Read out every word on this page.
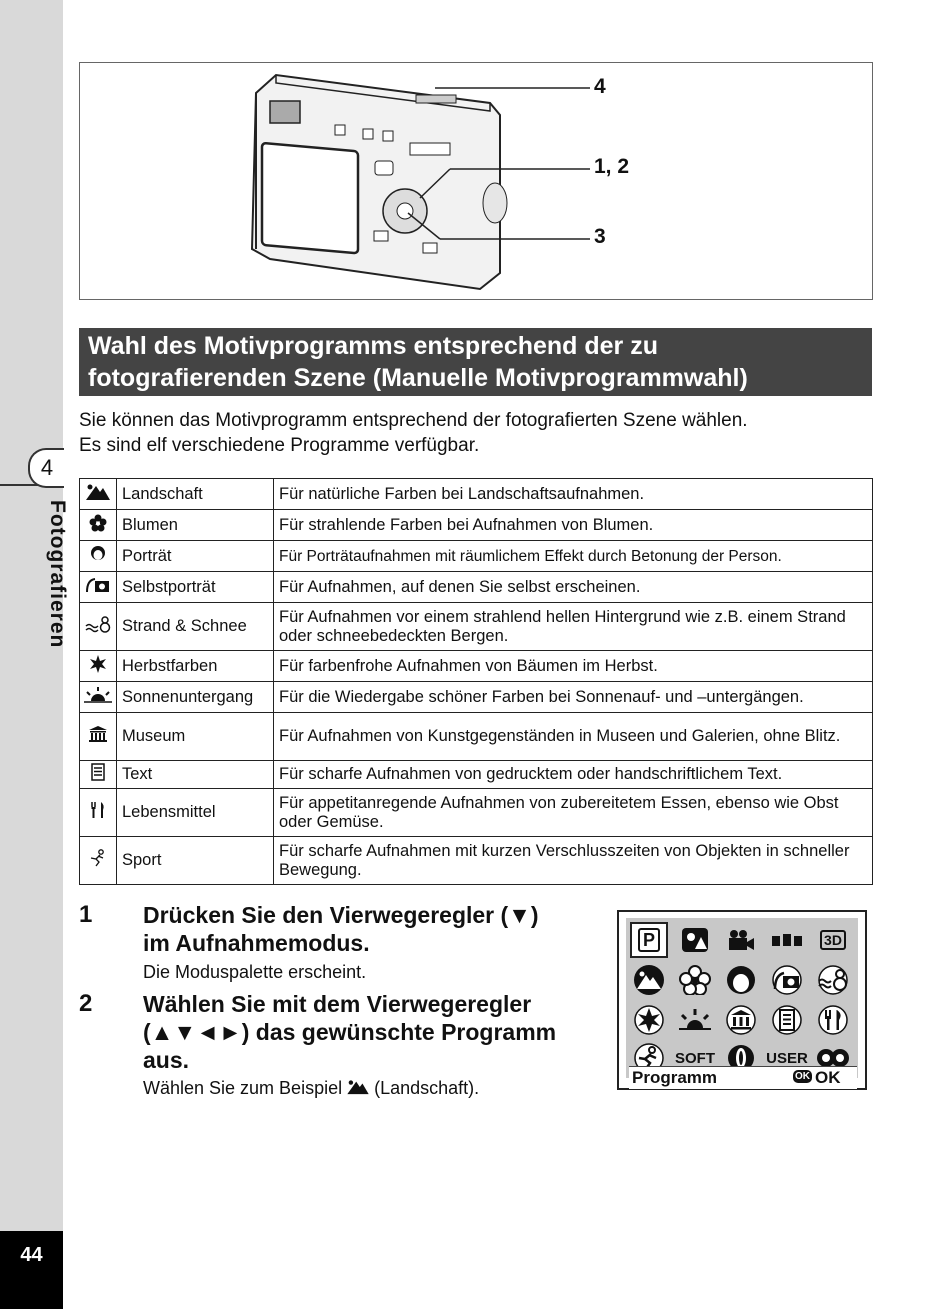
4
Fotografieren
44
4
1, 2
3
Wahl des Motivprogramms entsprechend der zu
fotografierenden Szene (Manuelle Motivprogrammwahl)
Sie können das Motivprogramm entsprechend der fotografierten Szene wählen.
Es sind elf verschiedene Programme verfügbar.
	Landschaft	Für natürliche Farben bei Landschaftsaufnahmen.
	Blumen	Für strahlende Farben bei Aufnahmen von Blumen.
	Porträt	Für Porträtaufnahmen mit räumlichem Effekt durch Betonung der Person.
	Selbstporträt	Für Aufnahmen, auf denen Sie selbst erscheinen.
	Strand & Schnee	Für Aufnahmen vor einem strahlend hellen Hintergrund wie z.B. einem Strand oder schneebedeckten Bergen.
	Herbstfarben	Für farbenfrohe Aufnahmen von Bäumen im Herbst.
	Sonnenuntergang	Für die Wiedergabe schöner Farben bei Sonnenauf- und –untergängen.
	Museum	Für Aufnahmen von Kunstgegenständen in Museen und Galerien, ohne Blitz.
	Text	Für scharfe Aufnahmen von gedrucktem oder handschriftlichem Text.
	Lebensmittel	Für appetitanregende Aufnahmen von zubereitetem Essen, ebenso wie Obst oder Gemüse.
	Sport	Für scharfe Aufnahmen mit kurzen Verschlusszeiten von Objekten in schneller Bewegung.
1 Drücken Sie den Vierwegeregler (▼)
im Aufnahmemodus.
Die Moduspalette erscheint.
2 Wählen Sie mit dem Vierwegeregler
(▲▼◄►) das gewünschte Programm
aus.
Wählen Sie zum Beispiel (Landschaft).
P	3D
SOFT	USER
Programm	OK OK
